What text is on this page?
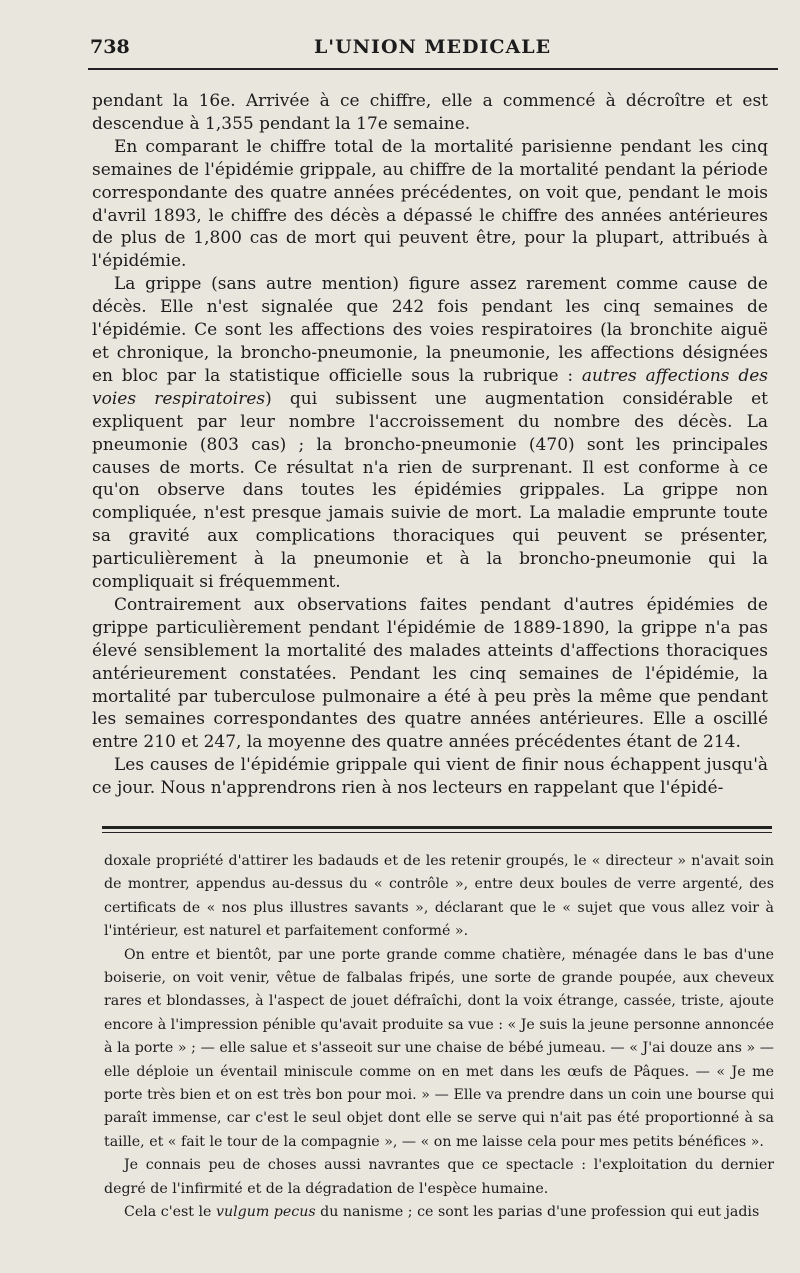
738	L'UNION MEDICALE

pendant la 16e. Arrivée à ce chiffre, elle a commencé à décroître et est descendue à 1,355 pendant la 17e semaine.

En comparant le chiffre total de la mortalité parisienne pendant les cinq semaines de l'épidémie grippale, au chiffre de la mortalité pendant la période correspondante des quatre années précédentes, on voit que, pendant le mois d'avril 1893, le chiffre des décès a dépassé le chiffre des années antérieures de plus de 1,800 cas de mort qui peuvent être, pour la plupart, attribués à l'épidémie.

La grippe (sans autre mention) figure assez rarement comme cause de décès. Elle n'est signalée que 242 fois pendant les cinq semaines de l'épidémie. Ce sont les affections des voies respiratoires (la bronchite aiguë et chronique, la broncho-pneumonie, la pneumonie, les affections désignées en bloc par la statistique officielle sous la rubrique : autres affections des voies respiratoires) qui subissent une augmentation considérable et expliquent par leur nombre l'accroissement du nombre des décès. La pneumonie (803 cas) ; la broncho-pneumonie (470) sont les principales causes de morts. Ce résultat n'a rien de surprenant. Il est conforme à ce qu'on observe dans toutes les épidémies grippales. La grippe non compliquée, n'est presque jamais suivie de mort. La maladie emprunte toute sa gravité aux complications thoraciques qui peuvent se présenter, particulièrement à la pneumonie et à la broncho-pneumonie qui la compliquait si fréquemment.

Contrairement aux observations faites pendant d'autres épidémies de grippe particulièrement pendant l'épidémie de 1889-1890, la grippe n'a pas élevé sensiblement la mortalité des malades atteints d'affections thoraciques antérieurement constatées. Pendant les cinq semaines de l'épidémie, la mortalité par tuberculose pulmonaire a été à peu près la même que pendant les semaines correspondantes des quatre années antérieures. Elle a oscillé entre 210 et 247, la moyenne des quatre années précédentes étant de 214.

Les causes de l'épidémie grippale qui vient de finir nous échappent jusqu'à ce jour. Nous n'apprendrons rien à nos lecteurs en rappelant que l'épidé-

doxale propriété d'attirer les badauds et de les retenir groupés, le « directeur » n'avait soin de montrer, appendus au-dessus du « contrôle », entre deux boules de verre argenté, des certificats de « nos plus illustres savants », déclarant que le « sujet que vous allez voir à l'intérieur, est naturel et parfaitement conformé ».

On entre et bientôt, par une porte grande comme chatière, ménagée dans le bas d'une boiserie, on voit venir, vêtue de falbalas fripés, une sorte de grande poupée, aux cheveux rares et blondasses, à l'aspect de jouet défraîchi, dont la voix étrange, cassée, triste, ajoute encore à l'impression pénible qu'avait produite sa vue : « Je suis la jeune personne annoncée à la porte » ; — elle salue et s'asseoit sur une chaise de bébé jumeau. — « J'ai douze ans » — elle déploie un éventail miniscule comme on en met dans les œufs de Pâques. — « Je me porte très bien et on est très bon pour moi. » — Elle va prendre dans un coin une bourse qui paraît immense, car c'est le seul objet dont elle se serve qui n'ait pas été proportionné à sa taille, et « fait le tour de la compagnie », — « on me laisse cela pour mes petits bénéfices ».

Je connais peu de choses aussi navrantes que ce spectacle : l'exploitation du dernier degré de l'infirmité et de la dégradation de l'espèce humaine.

Cela c'est le vulgum pecus du nanisme ; ce sont les parias d'une profession qui eut jadis
